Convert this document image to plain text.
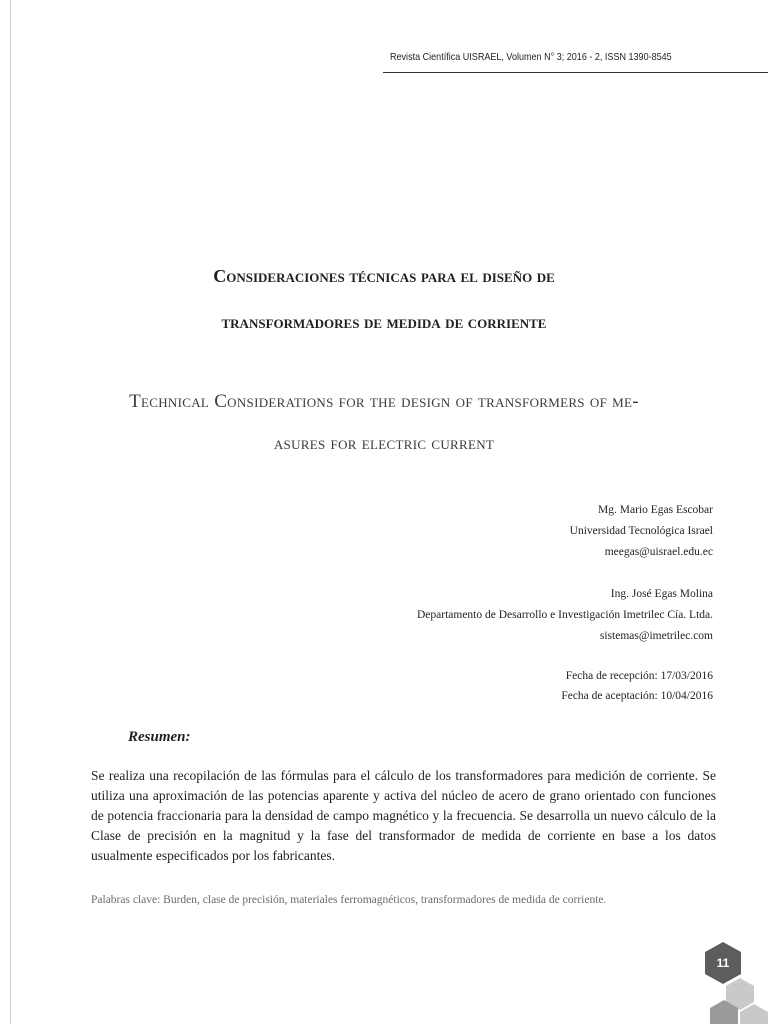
Revista Científica UISRAEL, Volumen N° 3; 2016 - 2, ISSN 1390-8545
Consideraciones técnicas para el diseño de
transformadores de medida de corriente
Technical Considerations for the design of transformers of me-
asures for electric current
Mg. Mario Egas Escobar
Universidad Tecnológica Israel
meegas@uisrael.edu.ec
Ing. José Egas Molina
Departamento de Desarrollo e Investigación Imetrilec Cía. Ltda.
sistemas@imetrilec.com
Fecha de recepción: 17/03/2016
Fecha de aceptación: 10/04/2016
Resumen:
Se realiza una recopilación de las fórmulas para el cálculo de los transformadores para medición de corriente. Se utiliza una aproximación de las potencias aparente y activa del núcleo de acero de grano orientado con funciones de potencia fraccionaria para la densidad de campo magnético y la frecuencia. Se desarrolla un nuevo cálculo de la Clase de precisión en la magnitud y la fase del transformador de medida de corriente en base a los datos usualmente especificados por los fabricantes.
Palabras clave: Burden, clase de precisión, materiales ferromagnéticos, transformadores de medida de corriente.
11
